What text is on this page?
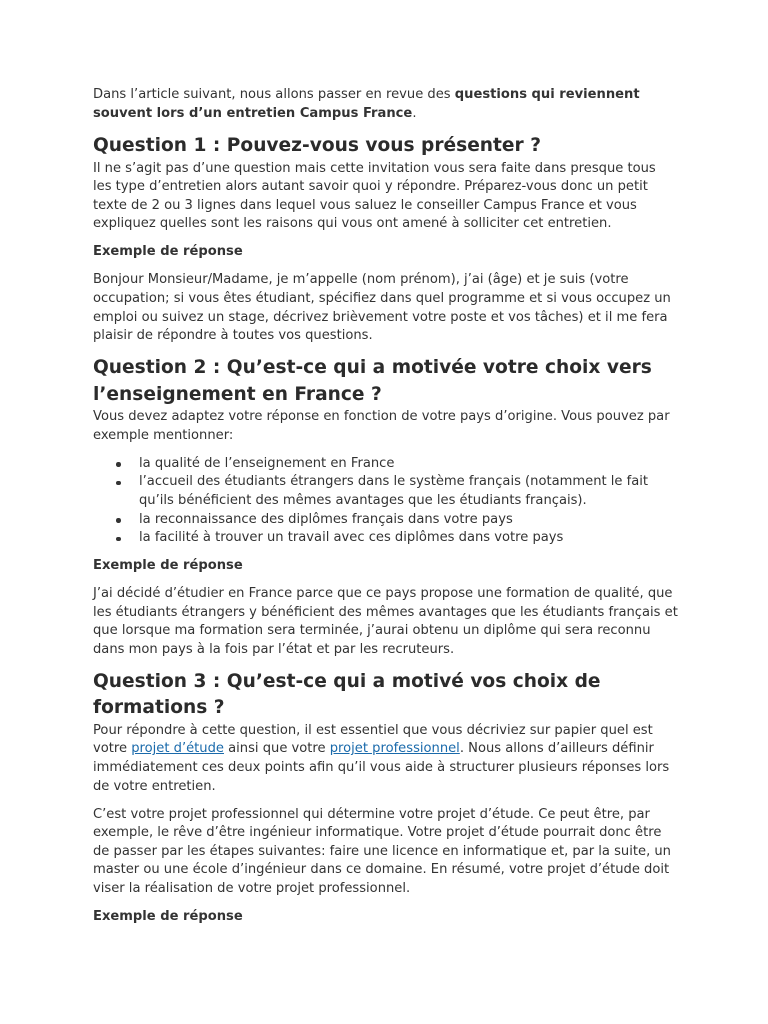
Dans l’article suivant, nous allons passer en revue des questions qui reviennent souvent lors d’un entretien Campus France.

Question 1 : Pouvez-vous vous présenter ?

Il ne s’agit pas d’une question mais cette invitation vous sera faite dans presque tous les type d’entretien alors autant savoir quoi y répondre. Préparez-vous donc un petit texte de 2 ou 3 lignes dans lequel vous saluez le conseiller Campus France et vous expliquez quelles sont les raisons qui vous ont amené à solliciter cet entretien.

Exemple de réponse

Bonjour Monsieur/Madame, je m’appelle (nom prénom), j’ai (âge) et je suis (votre occupation; si vous êtes étudiant, spécifiez dans quel programme et si vous occupez un emploi ou suivez un stage, décrivez brièvement votre poste et vos tâches) et il me fera plaisir de répondre à toutes vos questions.

Question 2 : Qu’est-ce qui a motivée votre choix vers l’enseignement en France ?

Vous devez adaptez votre réponse en fonction de votre pays d’origine. Vous pouvez par exemple mentionner:

la qualité de l’enseignement en France
l’accueil des étudiants étrangers dans le système français (notamment le fait qu’ils bénéficient des mêmes avantages que les étudiants français).
la reconnaissance des diplômes français dans votre pays
la facilité à trouver un travail avec ces diplômes dans votre pays
Exemple de réponse

J’ai décidé d’étudier en France parce que ce pays propose une formation de qualité, que les étudiants étrangers y bénéficient des mêmes avantages que les étudiants français et que lorsque ma formation sera terminée, j’aurai obtenu un diplôme qui sera reconnu dans mon pays à la fois par l’état et par les recruteurs.

Question 3 : Qu’est-ce qui a motivé vos choix de formations ?

Pour répondre à cette question, il est essentiel que vous décriviez sur papier quel est votre projet d’étude ainsi que votre projet professionnel. Nous allons d’ailleurs définir immédiatement ces deux points afin qu’il vous aide à structurer plusieurs réponses lors de votre entretien.

C’est votre projet professionnel qui détermine votre projet d’étude. Ce peut être, par exemple, le rêve d’être ingénieur informatique. Votre projet d’étude pourrait donc être de passer par les étapes suivantes: faire une licence en informatique et, par la suite, un master ou une école d’ingénieur dans ce domaine. En résumé, votre projet d’étude doit viser la réalisation de votre projet professionnel.

Exemple de réponse
